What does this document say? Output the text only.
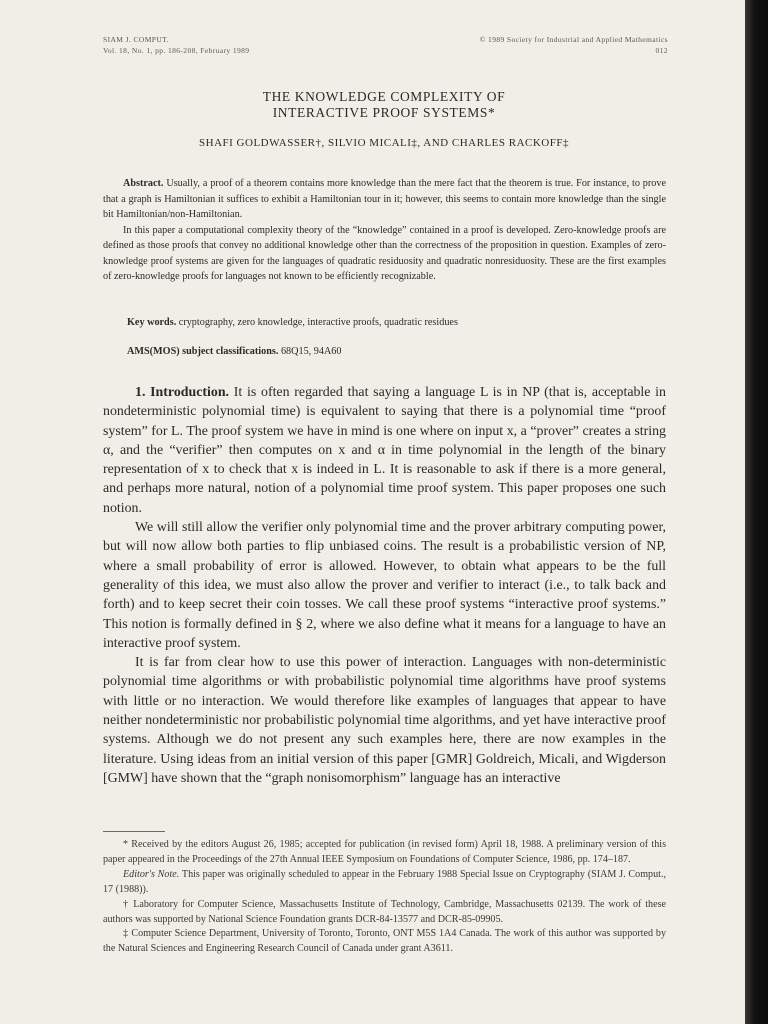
SIAM J. COMPUT.
Vol. 18, No. 1, pp. 186-208, February 1989
© 1989 Society for Industrial and Applied Mathematics
012
THE KNOWLEDGE COMPLEXITY OF
INTERACTIVE PROOF SYSTEMS*
SHAFI GOLDWASSER†, SILVIO MICALI‡, AND CHARLES RACKOFF‡

Abstract. Usually, a proof of a theorem contains more knowledge than the mere fact that the theorem is true. For instance, to prove that a graph is Hamiltonian it suffices to exhibit a Hamiltonian tour in it; however, this seems to contain more knowledge than the single bit Hamiltonian/non-Hamiltonian.

In this paper a computational complexity theory of the “knowledge” contained in a proof is developed. Zero-knowledge proofs are defined as those proofs that convey no additional knowledge other than the correctness of the proposition in question. Examples of zero-knowledge proof systems are given for the languages of quadratic residuosity and quadratic nonresiduosity. These are the first examples of zero-knowledge proofs for languages not known to be efficiently recognizable.

Key words. cryptography, zero knowledge, interactive proofs, quadratic residues
AMS(MOS) subject classifications. 68Q15, 94A60

1. Introduction. It is often regarded that saying a language L is in NP (that is, acceptable in nondeterministic polynomial time) is equivalent to saying that there is a polynomial time “proof system” for L. The proof system we have in mind is one where on input x, a “prover” creates a string α, and the “verifier” then computes on x and α in time polynomial in the length of the binary representation of x to check that x is indeed in L. It is reasonable to ask if there is a more general, and perhaps more natural, notion of a polynomial time proof system. This paper proposes one such notion.

We will still allow the verifier only polynomial time and the prover arbitrary computing power, but will now allow both parties to flip unbiased coins. The result is a probabilistic version of NP, where a small probability of error is allowed. However, to obtain what appears to be the full generality of this idea, we must also allow the prover and verifier to interact (i.e., to talk back and forth) and to keep secret their coin tosses. We call these proof systems “interactive proof systems.” This notion is formally defined in § 2, where we also define what it means for a language to have an interactive proof system.

It is far from clear how to use this power of interaction. Languages with non-deterministic polynomial time algorithms or with probabilistic polynomial time algorithms have proof systems with little or no interaction. We would therefore like examples of languages that appear to have neither nondeterministic nor probabilistic polynomial time algorithms, and yet have interactive proof systems. Although we do not present any such examples here, there are now examples in the literature. Using ideas from an initial version of this paper [GMR] Goldreich, Micali, and Wigderson [GMW] have shown that the “graph nonisomorphism” language has an interactive

* Received by the editors August 26, 1985; accepted for publication (in revised form) April 18, 1988. A preliminary version of this paper appeared in the Proceedings of the 27th Annual IEEE Symposium on Foundations of Computer Science, 1986, pp. 174–187.

Editor's Note. This paper was originally scheduled to appear in the February 1988 Special Issue on Cryptography (SIAM J. Comput., 17 (1988)).

† Laboratory for Computer Science, Massachusetts Institute of Technology, Cambridge, Massachusetts 02139. The work of these authors was supported by National Science Foundation grants DCR-84-13577 and DCR-85-09905.

‡ Computer Science Department, University of Toronto, Toronto, ONT M5S 1A4 Canada. The work of this author was supported by the Natural Sciences and Engineering Research Council of Canada under grant A3611.
